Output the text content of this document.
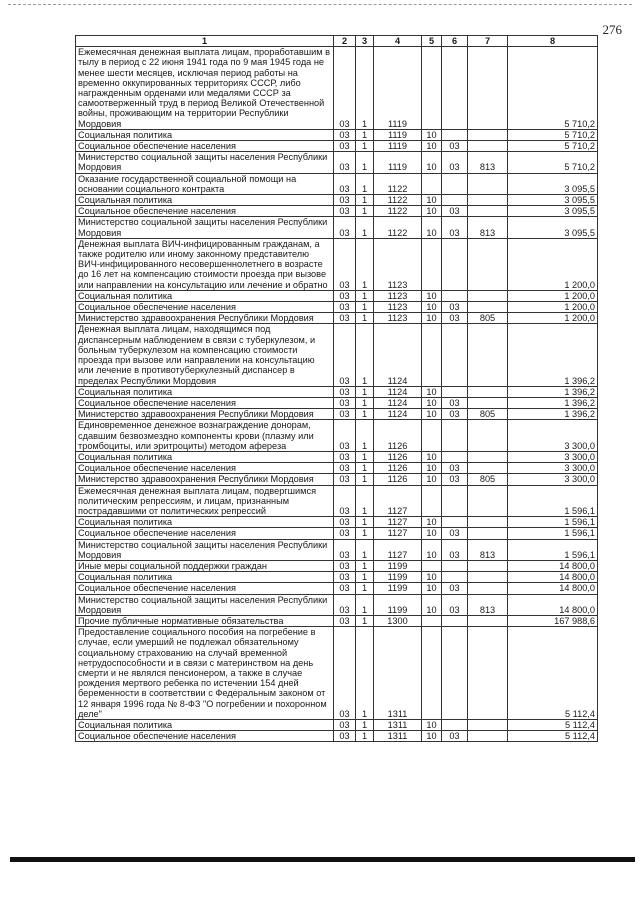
276
1	2	3	4	5	6	7	8
Ежемесячная денежная выплата лицам, проработавшим в тылу в период с 22 июня 1941 года по 9 мая 1945 года не менее шести месяцев, исключая период работы на временно оккупированных территориях СССР, либо награжденным орденами или медалями СССР за самоотверженный труд в период Великой Отечественной войны, проживающим на территории Республики Мордовия	03	1	1119				5 710,2
Социальная политика	03	1	1119	10			5 710,2
Социальное обеспечение населения	03	1	1119	10	03		5 710,2
Министерство социальной защиты населения Республики Мордовия	03	1	1119	10	03	813	5 710,2
Оказание государственной социальной помощи на основании социального контракта	03	1	1122				3 095,5
Социальная политика	03	1	1122	10			3 095,5
Социальное обеспечение населения	03	1	1122	10	03		3 095,5
Министерство социальной защиты населения Республики Мордовия	03	1	1122	10	03	813	3 095,5
Денежная выплата ВИЧ-инфицированным гражданам, а также родителю или иному законному представителю ВИЧ-инфицированного несовершеннолетнего в возрасте до 16 лет на компенсацию стоимости проезда при вызове или направлении на консультацию или лечение и обратно	03	1	1123				1 200,0
Социальная политика	03	1	1123	10			1 200,0
Социальное обеспечение населения	03	1	1123	10	03		1 200,0
Министерство здравоохранения Республики Мордовия	03	1	1123	10	03	805	1 200,0
Денежная выплата лицам, находящимся под диспансерным наблюдением в связи с туберкулезом, и больным туберкулезом на компенсацию стоимости проезда при вызове или направлении на консультацию или лечение в противотуберкулезный диспансер в пределах Республики Мордовия	03	1	1124				1 396,2
Социальная политика	03	1	1124	10			1 396,2
Социальное обеспечение населения	03	1	1124	10	03		1 396,2
Министерство здравоохранения Республики Мордовия	03	1	1124	10	03	805	1 396,2
Единовременное денежное вознаграждение донорам, сдавшим безвозмездно компоненты крови (плазму или тромбоциты, или эритроциты) методом афереза	03	1	1126				3 300,0
Социальная политика	03	1	1126	10			3 300,0
Социальное обеспечение населения	03	1	1126	10	03		3 300,0
Министерство здравоохранения Республики Мордовия	03	1	1126	10	03	805	3 300,0
Ежемесячная денежная выплата лицам, подвергшимся политическим репрессиям, и лицам, признанным пострадавшими от политических репрессий	03	1	1127				1 596,1
Социальная политика	03	1	1127	10			1 596,1
Социальное обеспечение населения	03	1	1127	10	03		1 596,1
Министерство социальной защиты населения Республики Мордовия	03	1	1127	10	03	813	1 596,1
Иные меры социальной поддержки граждан	03	1	1199				14 800,0
Социальная политика	03	1	1199	10			14 800,0
Социальное обеспечение населения	03	1	1199	10	03		14 800,0
Министерство социальной защиты населения Республики Мордовия	03	1	1199	10	03	813	14 800,0
Прочие публичные нормативные обязательства	03	1	1300				167 988,6
Предоставление социального пособия на погребение в случае, если умерший не подлежал обязательному социальному страхованию на случай временной нетрудоспособности и в связи с материнством на день смерти и не являлся пенсионером, а также в случае рождения мертвого ребенка по истечении 154 дней беременности в соответствии с Федеральным законом от 12 января 1996 года № 8-ФЗ "О погребении и похоронном деле"	03	1	1311				5 112,4
Социальная политика	03	1	1311	10			5 112,4
Социальное обеспечение населения	03	1	1311	10	03		5 112,4
